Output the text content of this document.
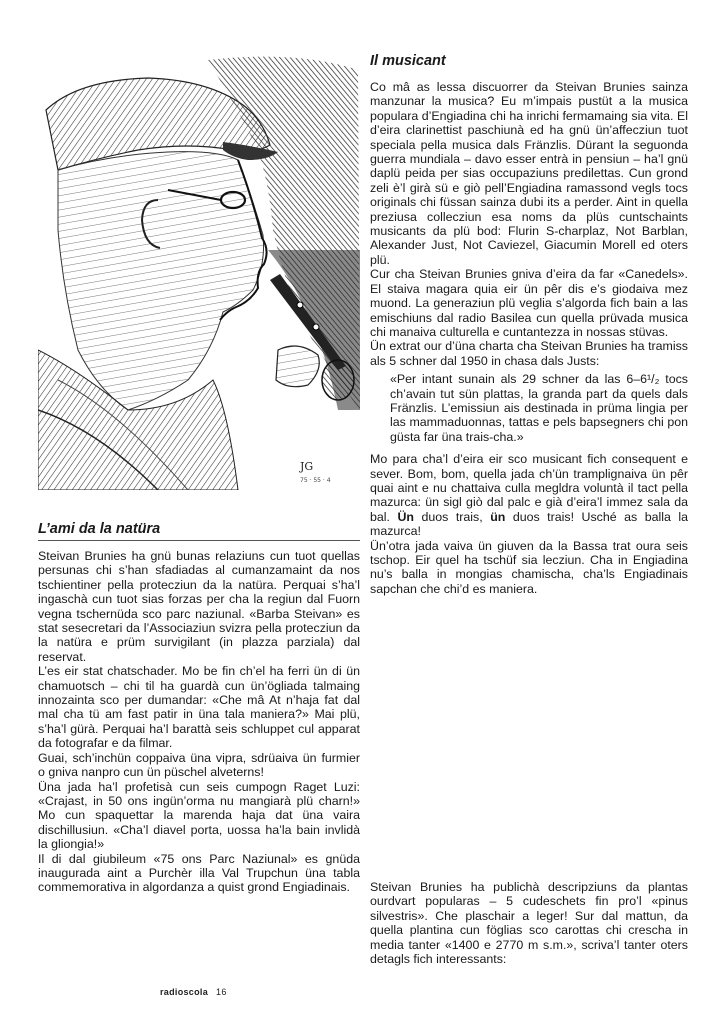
JG
75 · 55 · 4
L’ami da la natüra

Steivan Brunies ha gnü bunas relaziuns cun tuot quellas persunas chi s’han sfadiadas al cumanzamaint da nos tschientiner pella protecziun da la natüra. Perquai s’ha’l ingaschà cun tuot sias forzas per cha la regiun dal Fuorn vegna tschernüda sco parc naziunal. «Barba Steivan» es stat sesecretari da l’Associaziun svizra pella protecziun da la natüra e prüm survigilant (in plazza parziala) dal reservat.

L’es eir stat chatschader. Mo be fin ch’el ha ferri ün di ün chamuotsch – chi til ha guardà cun ün’ögliada talmaing innozainta sco per dumandar: «Che mâ At n’haja fat dal mal cha tü am fast patir in üna tala maniera?» Mai plü, s’ha’l gürà. Perquai ha’l barattà seis schluppet cul apparat da fotografar e da filmar.

Guai, sch’inchün coppaiva üna vipra, sdrüaiva ün furmier o gniva nanpro cun ün püschel alveterns!

Üna jada ha’l profetisà cun seis cumpogn Raget Luzi: «Crajast, in 50 ons ingün’orma nu mangiarà plü charn!» Mo cun spaquettar la marenda haja dat üna vaira dischillusiun. «Cha’l diavel porta, uossa ha’la bain invlidà la gliongia!»

Il di dal giubileum «75 ons Parc Naziunal» es gnüda inaugurada aint a Purchèr illa Val Trupchun üna tabla commemorativa in algordanza a quist grond Engiadinais.

Il musicant

Co mâ as lessa discuorrer da Steivan Brunies sainza manzunar la musica? Eu m’impais pustüt a la musica populara d’Engiadina chi ha inrichi fermamaing sia vita. El d’eira clarinettist paschiunà ed ha gnü ün’affecziun tuot speciala pella musica dals Fränzlis. Dürant la seguonda guerra mundiala – davo esser entrà in pensiun – ha’l gnü daplü peida per sias occupaziuns predilettas. Cun grond zeli è’l girà sü e giò pell’Engiadina ramassond vegls tocs originals chi füssan sainza dubi its a perder. Aint in quella preziusa collecziun esa noms da plüs cuntschaints musicants da plü bod: Flurin S-charplaz, Not Barblan, Alexander Just, Not Caviezel, Giacumin Morell ed oters plü.

Cur cha Steivan Brunies gniva d’eira da far «Canedels». El staiva magara quia eir ün pêr dis e’s giodaiva mez muond. La generaziun plü veglia s’algorda fich bain a las emischiuns dal radio Basilea cun quella prüvada musica chi manaiva culturella e cuntantezza in nossas stüvas.

Ün extrat our d’üna charta cha Steivan Brunies ha tramiss als 5 schner dal 1950 in chasa dals Justs:

«Per intant sunain als 29 schner da las 6–6¹/₂ tocs ch’avain tut sün plattas, la granda part da quels dals Fränzlis. L’emissiun ais destinada in prüma lingia per las mammaduonnas, tattas e pels bapsegners chi pon güsta far üna trais-cha.»

Mo para cha’l d’eira eir sco musicant fich consequent e sever. Bom, bom, quella jada ch’ün tramplignaiva ün pêr quai aint e nu chattaiva culla megldra voluntà il tact pella mazurca: ün sigl giò dal palc e già d’eira’l immez sala da bal. Ün duos trais, ün duos trais! Usché as balla la mazurca!

Ün’otra jada vaiva ün giuven da la Bassa trat oura seis tschop. Eir quel ha tschüf sia lecziun. Cha in Engiadina nu’s balla in mongias chamischa, cha’ls Engiadinais sapchan che chi’d es maniera.

Steivan Brunies ha publichà descripziuns da plantas ourdvart popularas – 5 cudeschets fin pro’l «pinus silvestris». Che plaschair a leger! Sur dal mattun, da quella plantina cun föglias sco carottas chi crescha in media tanter «1400 e 2770 m s.m.», scriva’l tanter oters detagls fich interessants:

radioscola 16
